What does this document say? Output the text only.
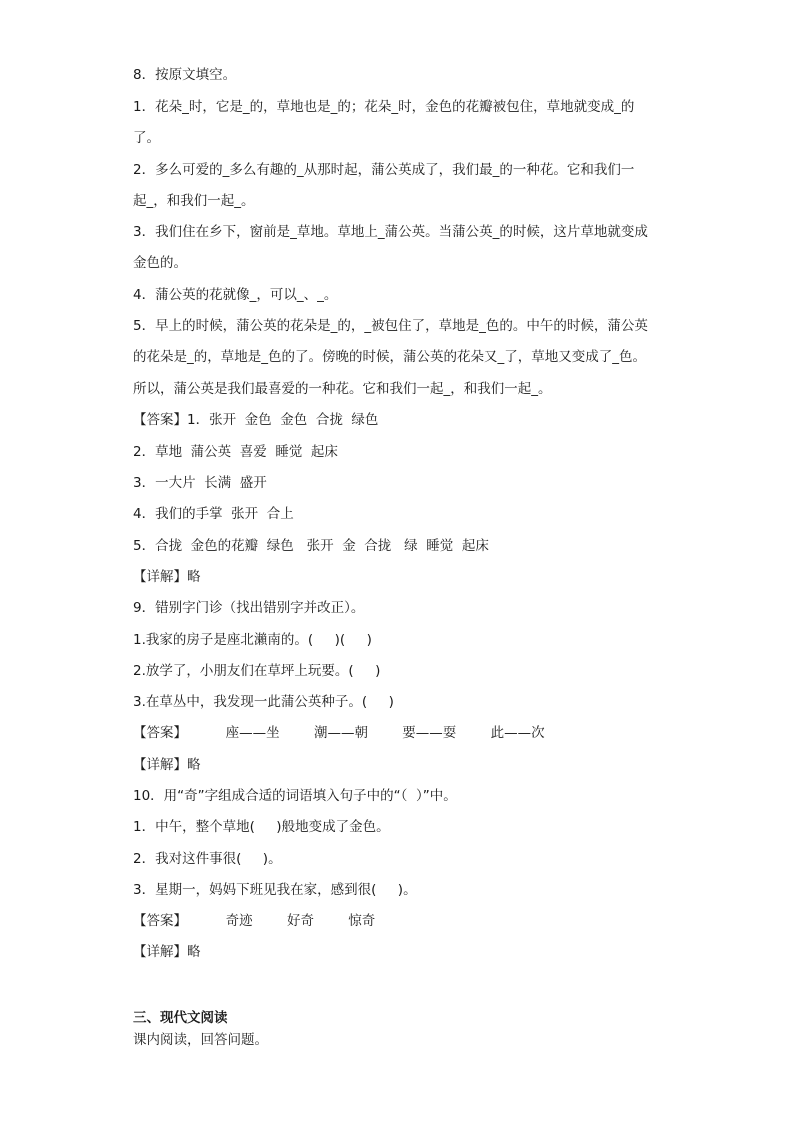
8．按原文填空。
1．花朵_时，它是_的，草地也是_的；花朵_时，金色的花瓣被包住，草地就变成_的
了。
2．多么可爱的_多么有趣的_从那时起，蒲公英成了，我们最_的一种花。它和我们一
起_，和我们一起_。
3．我们住在乡下，窗前是_草地。草地上_蒲公英。当蒲公英_的时候，这片草地就变成
金色的。
4．蒲公英的花就像_，可以_、_。
5．早上的时候，蒲公英的花朵是_的，_被包住了，草地是_色的。中午的时候，蒲公英
的花朵是_的，草地是_色的了。傍晚的时候，蒲公英的花朵又_了，草地又变成了_色。
所以，蒲公英是我们最喜爱的一种花。它和我们一起_，和我们一起_。
【答案】1．张开  金色  金色  合拢  绿色
2．草地  蒲公英  喜爱  睡觉  起床
3．一大片  长满  盛开
4．我们的手掌  张开  合上
5．合拢  金色的花瓣  绿色   张开  金  合拢   绿  睡觉  起床
【详解】略
9．错别字门诊（找出错别字并改正）。
1.我家的房子是座北瀨南的。(     )(     )
2.放学了，小朋友们在草坪上玩要。(     )
3.在草丛中，我发现一此蒲公英种子。(     )
【答案】         座——坐        潮——朝        要——耍        此——次
【详解】略
10．用“奇”字组成合适的词语填入句子中的“（  ）”中。
1．中午，整个草地(     )般地变成了金色。
2．我对这件事很(     )。
3．星期一，妈妈下班见我在家，感到很(     )。
【答案】         奇迹        好奇        惊奇
【详解】略
三、现代文阅读
课内阅读，回答问题。
